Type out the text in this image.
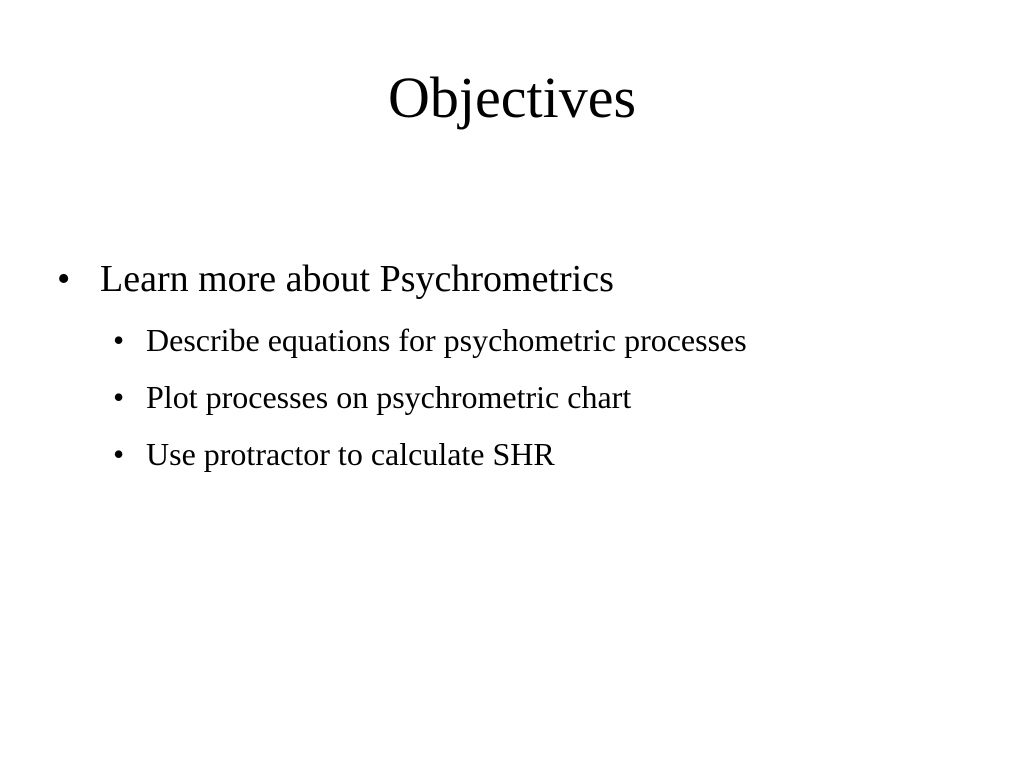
Objectives
• Learn more about Psychrometrics
• Describe equations for psychometric processes
• Plot processes on psychrometric chart
• Use protractor to calculate SHR
